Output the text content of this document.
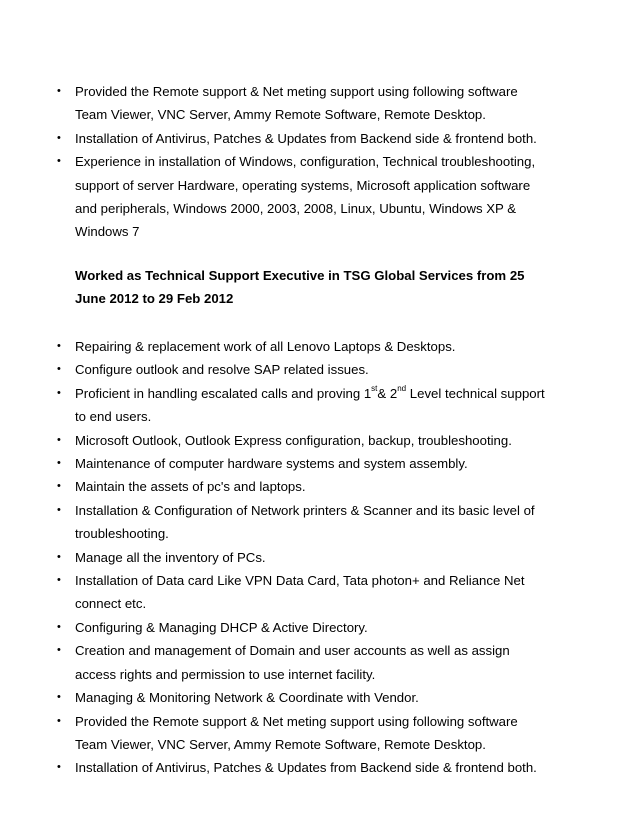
• Provided the Remote support & Net meting support using following software
Team Viewer, VNC Server, Ammy Remote Software, Remote Desktop.
• Installation of Antivirus, Patches & Updates from Backend side & frontend both.
• Experience in installation of Windows, configuration, Technical troubleshooting,
support of server Hardware, operating systems, Microsoft application software
and peripherals, Windows 2000, 2003, 2008, Linux, Ubuntu, Windows XP &
Windows 7
Worked as Technical Support Executive in TSG Global Services from 25
June 2012 to 29 Feb 2012
• Repairing & replacement work of all Lenovo Laptops & Desktops.
• Configure outlook and resolve SAP related issues.
• Proficient in handling escalated calls and proving 1st& 2nd Level technical support
to end users.
• Microsoft Outlook, Outlook Express configuration, backup, troubleshooting.
• Maintenance of computer hardware systems and system assembly.
• Maintain the assets of pc's and laptops.
• Installation & Configuration of Network printers & Scanner and its basic level of
troubleshooting.
• Manage all the inventory of PCs.
• Installation of Data card Like VPN Data Card, Tata photon+ and Reliance Net
connect etc.
• Configuring & Managing DHCP & Active Directory.
• Creation and management of Domain and user accounts as well as assign
access rights and permission to use internet facility.
• Managing & Monitoring Network & Coordinate with Vendor.
• Provided the Remote support & Net meting support using following software
Team Viewer, VNC Server, Ammy Remote Software, Remote Desktop.
• Installation of Antivirus, Patches & Updates from Backend side & frontend both.
